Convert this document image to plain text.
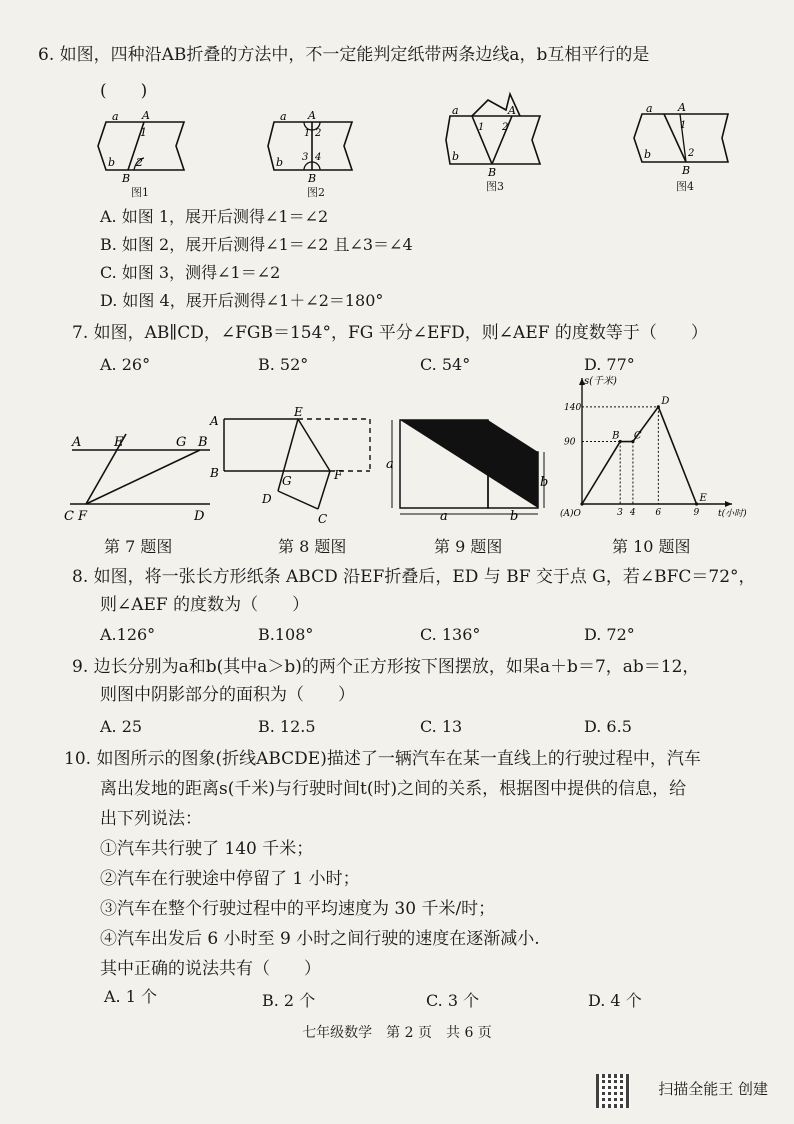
6. 如图，四种沿AB折叠的方法中，不一定能判定纸带两条边线a，b互相平行的是
(　　)
a A
1
b 2
B
图1
a A
1 2
3 4
b
B
图2
a	A
1 2
b
B
图3
a A
1
b	2
B
图4
A. 如图 1，展开后测得∠1＝∠2
B. 如图 2，展开后测得∠1＝∠2 且∠3＝∠4
C. 如图 3，测得∠1＝∠2
D. 如图 4，展开后测得∠1＋∠2＝180°
7. 如图，AB∥CD，∠FGB＝154°，FG 平分∠EFD，则∠AEF 的度数等于（　　）
A. 26°	B. 52°	C. 54°	D. 77°
A	E	G B
C F	D
A
E
B
G	F
D
C
a
b
a	b
s(千米)
t(小时)
(A)O
B C
D
E
3 4 6	9
90
140
第 7 题图	第 8 题图	第 9 题图	第 10 题图
8. 如图，将一张长方形纸条 ABCD 沿EF折叠后，ED 与 BF 交于点 G，若∠BFC＝72°，
则∠AEF 的度数为（　　）
A.126°	B.108°	C. 136°	D. 72°
9. 边长分别为a和b(其中a＞b)的两个正方形按下图摆放，如果a＋b＝7，ab＝12，
则图中阴影部分的面积为（　　）
A. 25	B. 12.5	C. 13	D. 6.5
10. 如图所示的图象(折线ABCDE)描述了一辆汽车在某一直线上的行驶过程中，汽车
离出发地的距离s(千米)与行驶时间t(时)之间的关系，根据图中提供的信息，给
出下列说法：
①汽车共行驶了 140 千米；
②汽车在行驶途中停留了 1 小时；
③汽车在整个行驶过程中的平均速度为 30 千米/时；
④汽车出发后 6 小时至 9 小时之间行驶的速度在逐渐减小.
其中正确的说法共有（　　）
A. 1 个	B. 2 个	C. 3 个	D. 4 个
七年级数学　第 2 页　共 6 页
扫描全能王 创建
